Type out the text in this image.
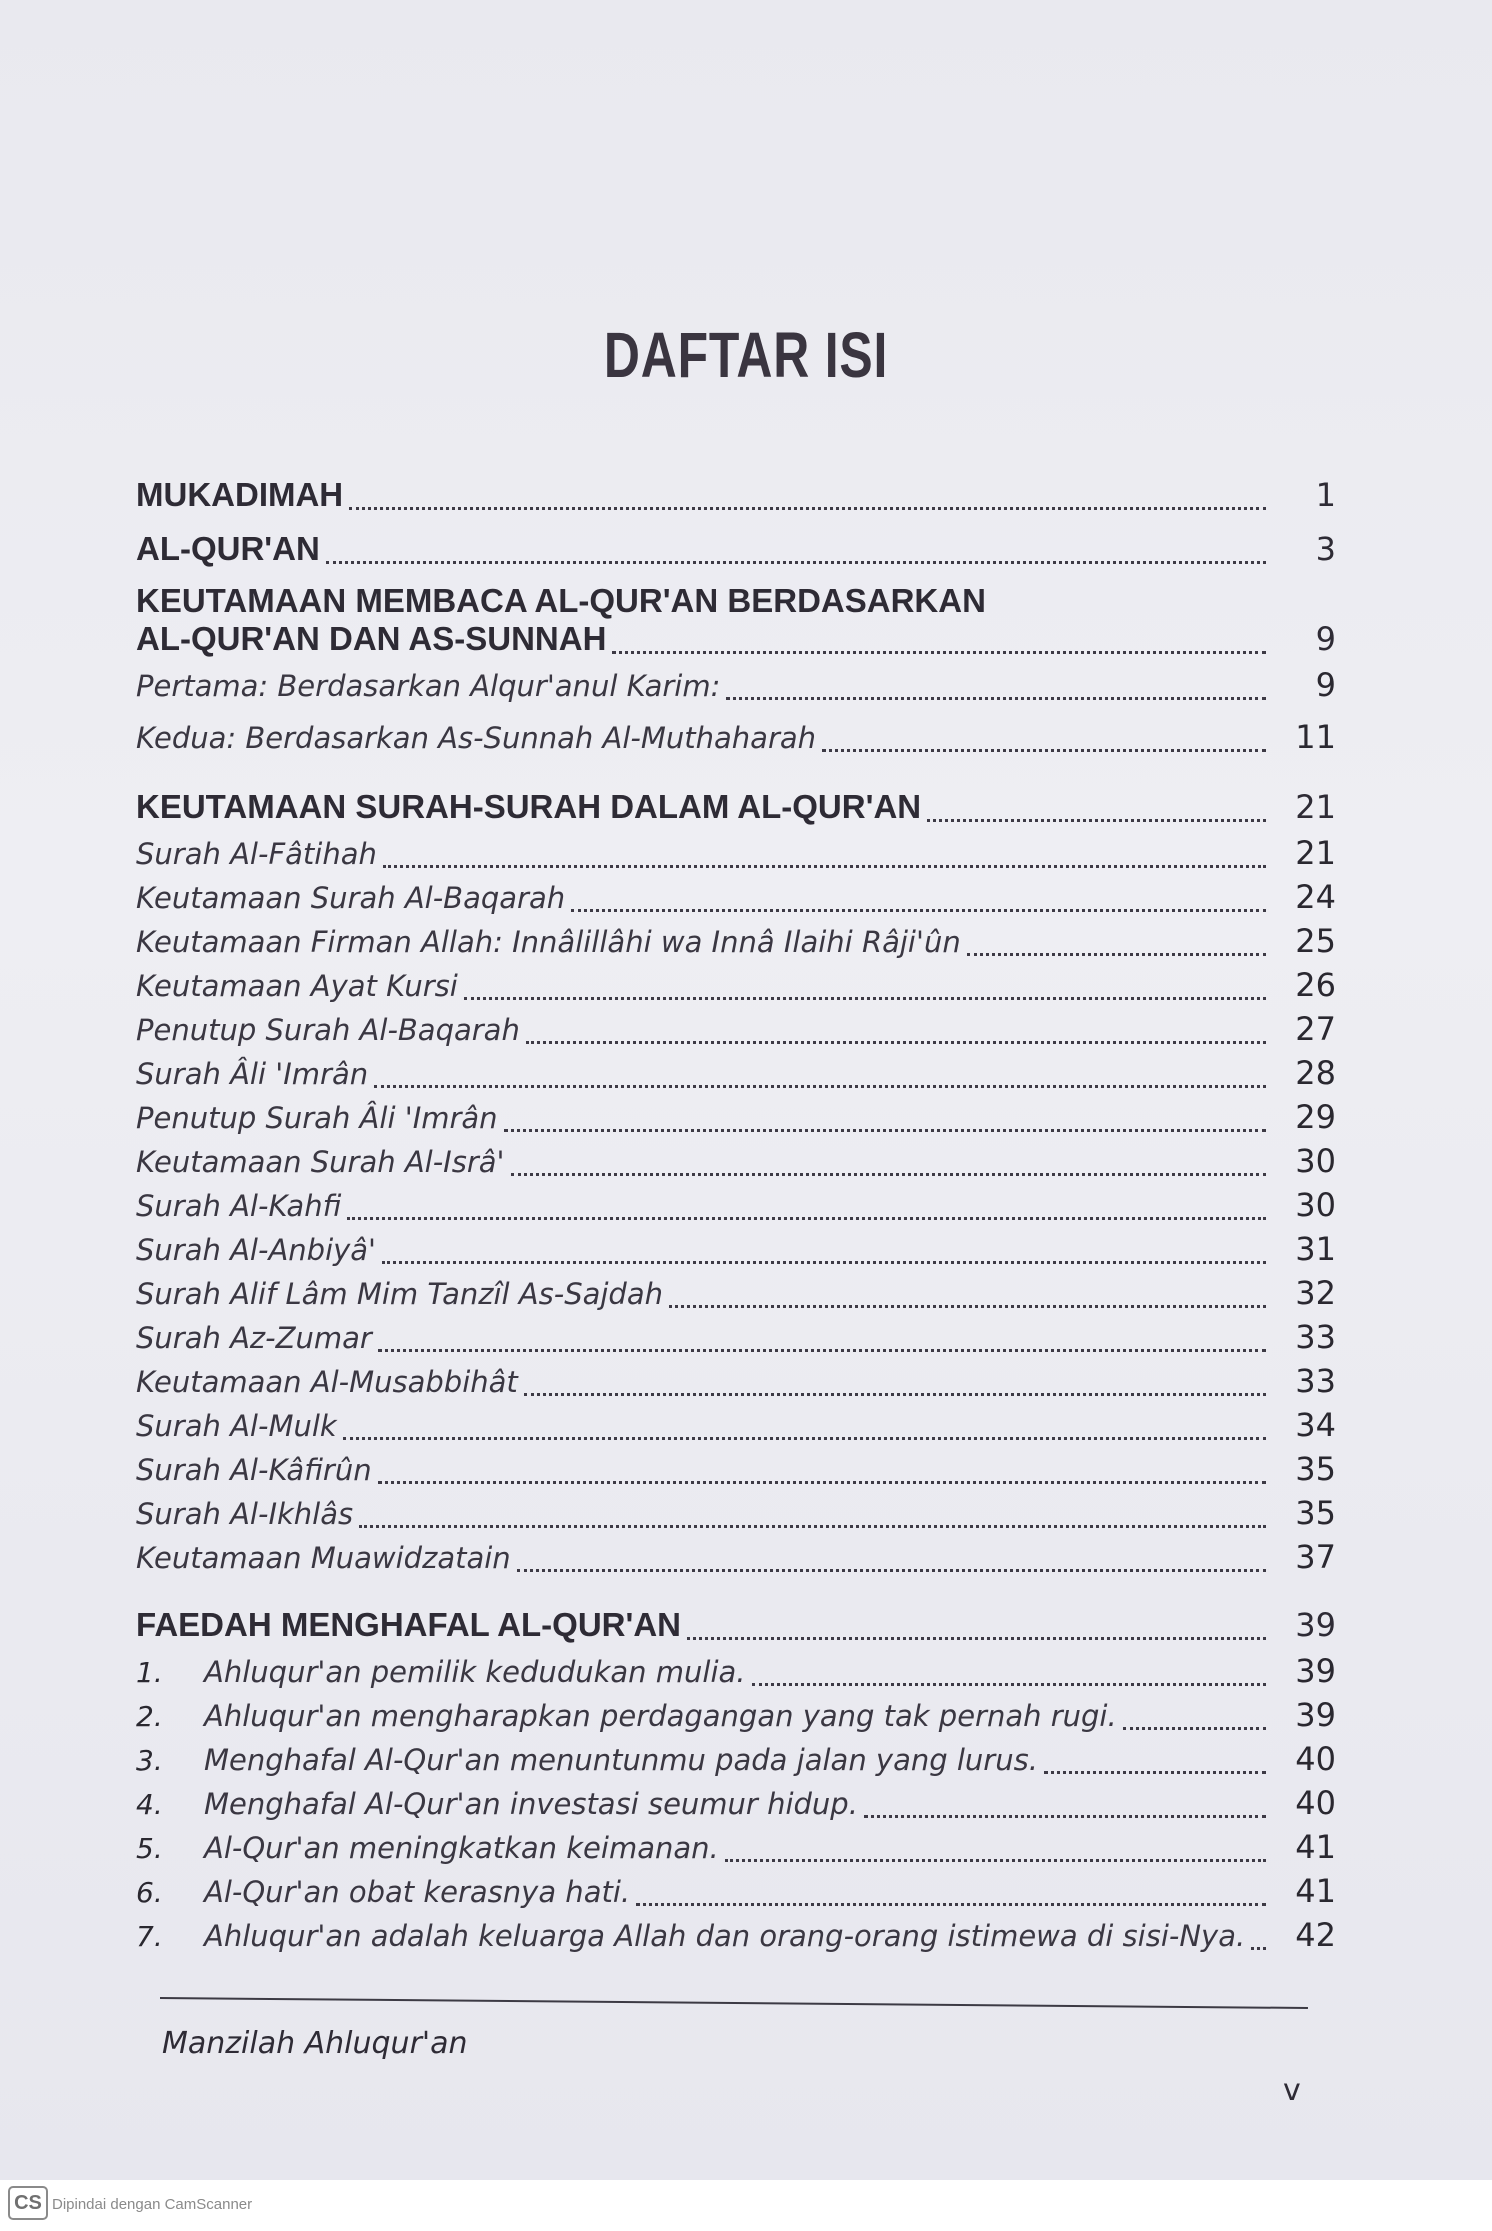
DAFTAR ISI
MUKADIMAH	1
AL-QUR'AN	3
KEUTAMAAN MEMBACA AL-QUR'AN BERDASARKAN
AL-QUR'AN DAN AS-SUNNAH	9
Pertama: Berdasarkan Alqur'anul Karim:	9
Kedua: Berdasarkan As-Sunnah Al-Muthaharah	11
KEUTAMAAN SURAH-SURAH DALAM AL-QUR'AN	21
Surah Al-Fâtihah	21
Keutamaan Surah Al-Baqarah	24
Keutamaan Firman Allah: Innâlillâhi wa Innâ Ilaihi Râji'ûn	25
Keutamaan Ayat Kursi	26
Penutup Surah Al-Baqarah	27
Surah Âli 'Imrân	28
Penutup Surah Âli 'Imrân	29
Keutamaan Surah Al-Isrâ'	30
Surah Al-Kahfi	30
Surah Al-Anbiyâ'	31
Surah Alif Lâm Mim Tanzîl As-Sajdah	32
Surah Az-Zumar	33
Keutamaan Al-Musabbihât	33
Surah Al-Mulk	34
Surah Al-Kâfirûn	35
Surah Al-Ikhlâs	35
Keutamaan Muawidzatain	37
FAEDAH MENGHAFAL AL-QUR'AN	39
1.	Ahluqur'an pemilik kedudukan mulia.	39
2.	Ahluqur'an mengharapkan perdagangan yang tak pernah rugi.	39
3.	Menghafal Al-Qur'an menuntunmu pada jalan yang lurus.	40
4.	Menghafal Al-Qur'an investasi seumur hidup.	40
5.	Al-Qur'an meningkatkan keimanan.	41
6.	Al-Qur'an obat kerasnya hati.	41
7.	Ahluqur'an adalah keluarga Allah dan orang-orang istimewa di sisi-Nya.	42
Manzilah Ahluqur'an
v
CS Dipindai dengan CamScanner
